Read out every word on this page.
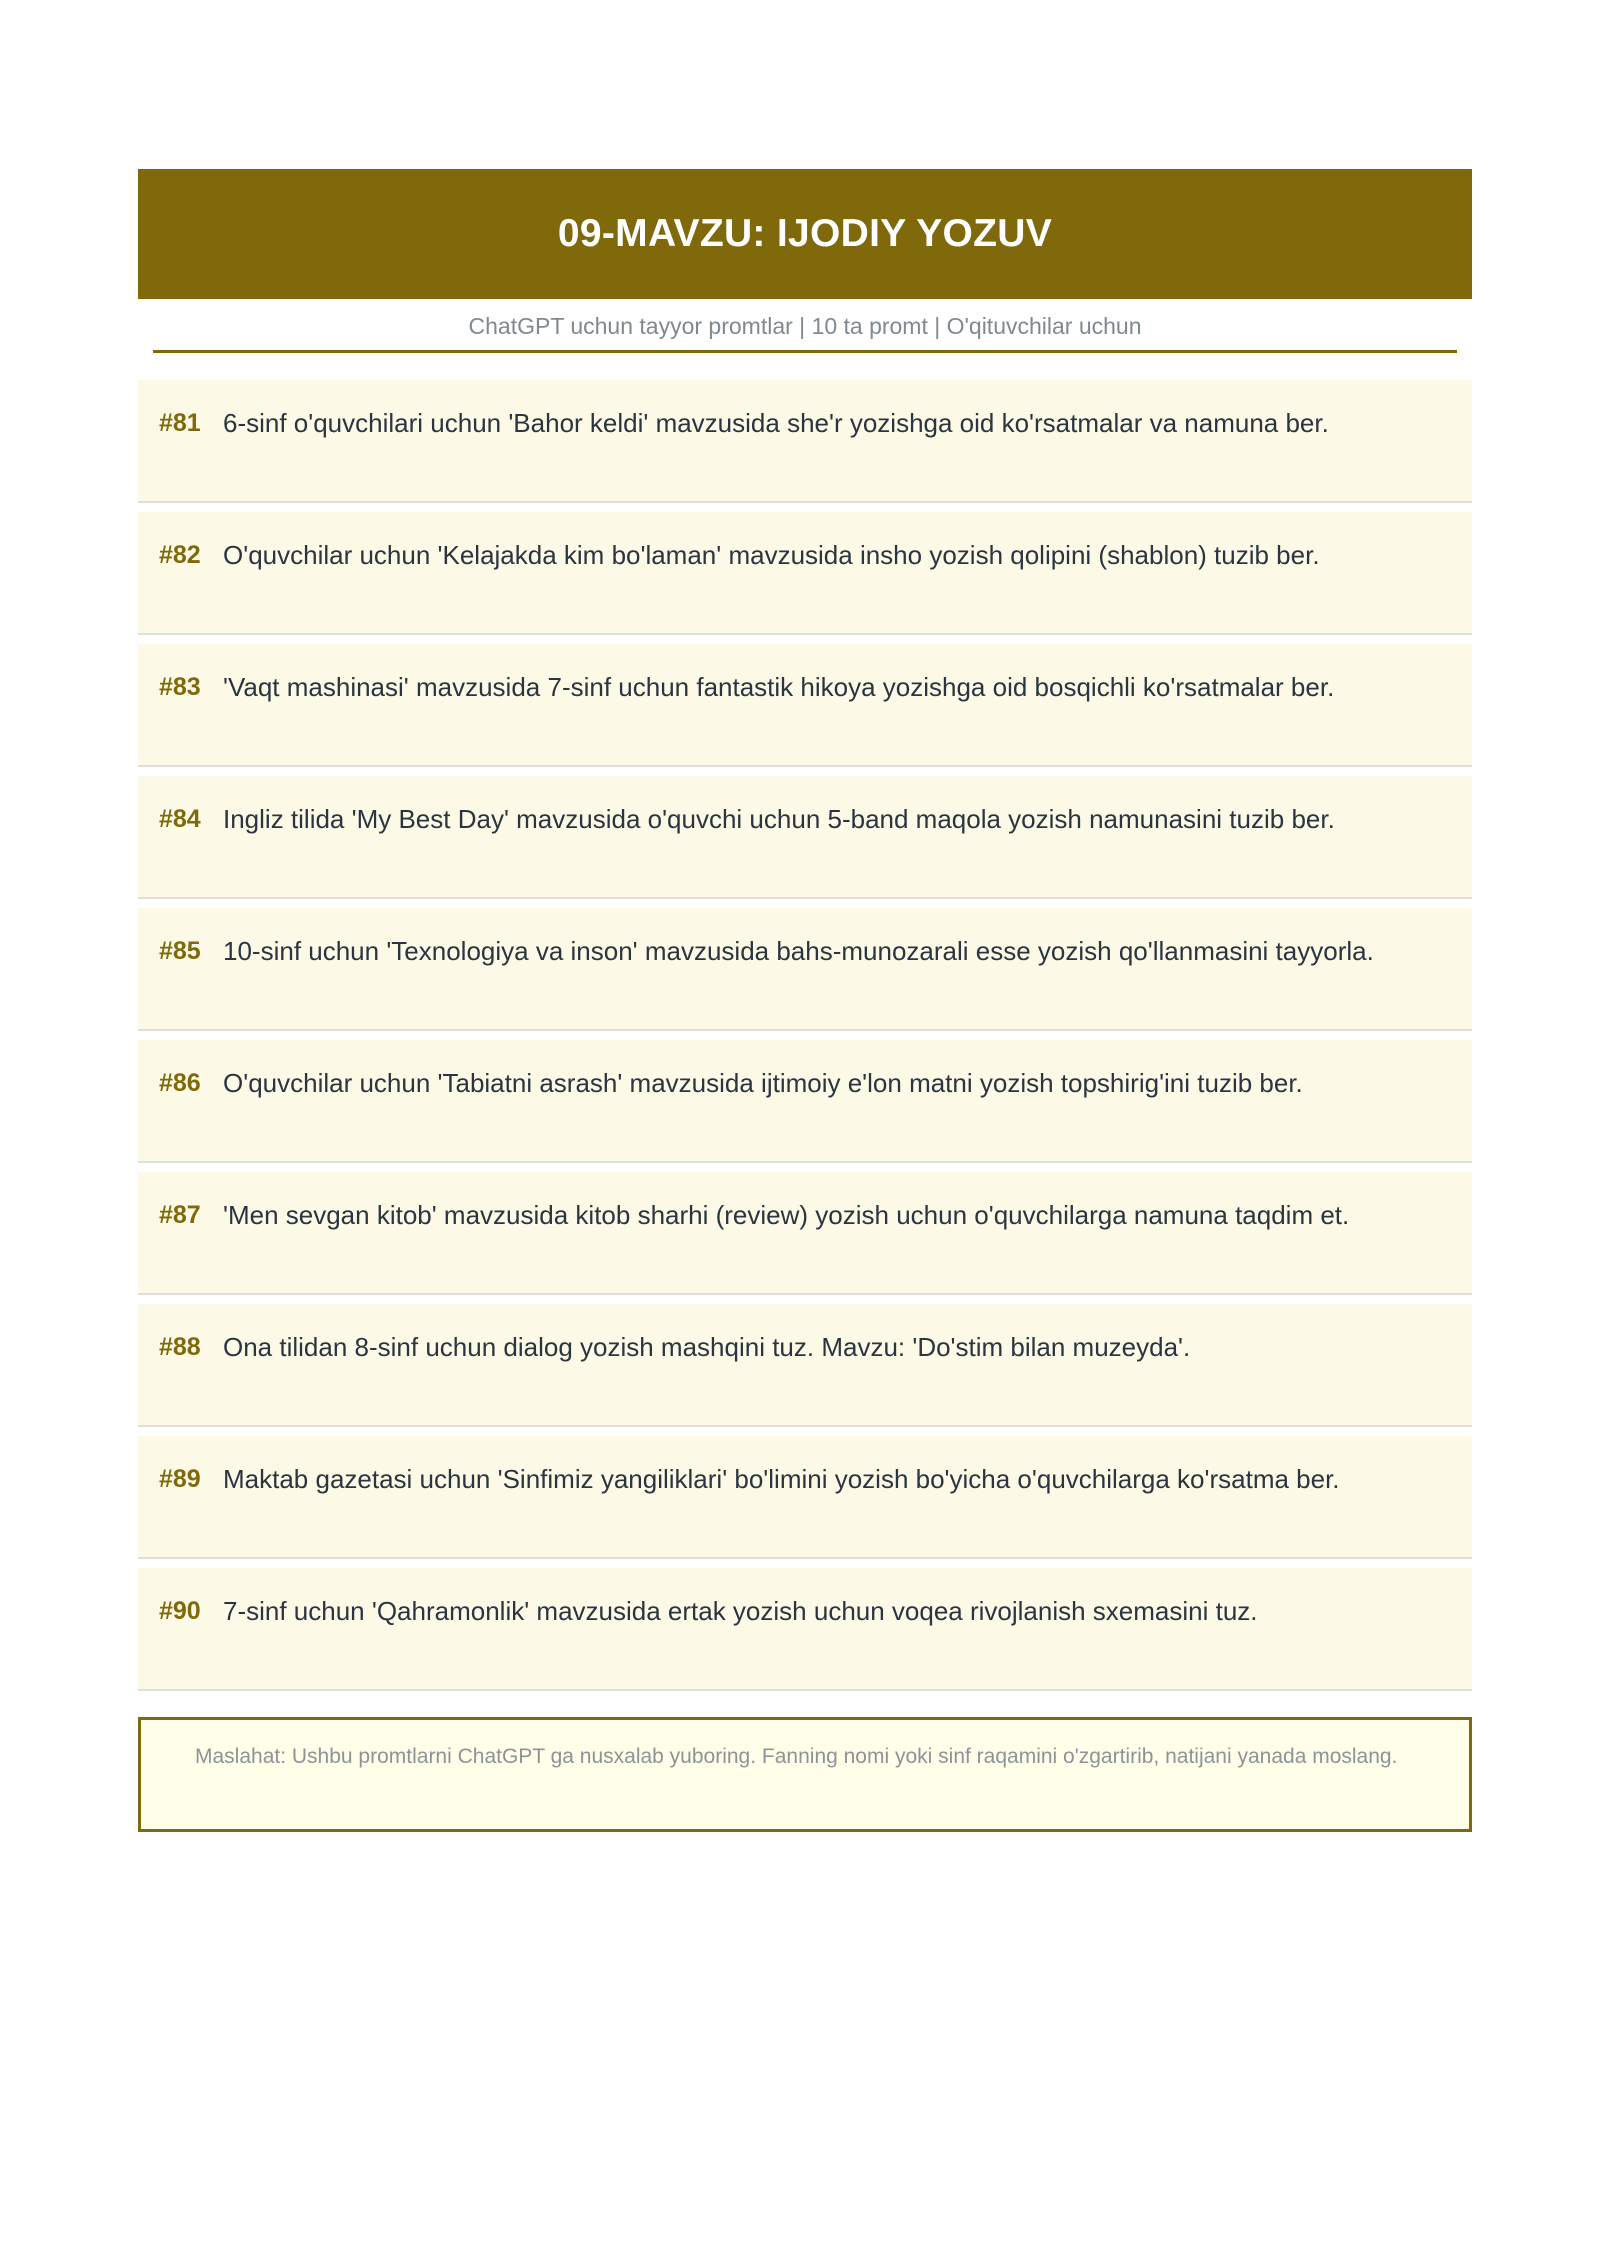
09-MAVZU: IJODIY YOZUV
ChatGPT uchun tayyor promtlar | 10 ta promt | O'qituvchilar uchun
#81 6-sinf o'quvchilari uchun 'Bahor keldi' mavzusida she'r yozishga oid ko'rsatmalar va namuna ber.
#82 O'quvchilar uchun 'Kelajakda kim bo'laman' mavzusida insho yozish qolipini (shablon) tuzib ber.
#83 'Vaqt mashinasi' mavzusida 7-sinf uchun fantastik hikoya yozishga oid bosqichli ko'rsatmalar ber.
#84 Ingliz tilida 'My Best Day' mavzusida o'quvchi uchun 5-band maqola yozish namunasini tuzib ber.
#85 10-sinf uchun 'Texnologiya va inson' mavzusida bahs-munozarali esse yozish qo'llanmasini tayyorla.
#86 O'quvchilar uchun 'Tabiatni asrash' mavzusida ijtimoiy e'lon matni yozish topshirig'ini tuzib ber.
#87 'Men sevgan kitob' mavzusida kitob sharhi (review) yozish uchun o'quvchilarga namuna taqdim et.
#88 Ona tilidan 8-sinf uchun dialog yozish mashqini tuz. Mavzu: 'Do'stim bilan muzeyda'.
#89 Maktab gazetasi uchun 'Sinfimiz yangiliklari' bo'limini yozish bo'yicha o'quvchilarga ko'rsatma ber.
#90 7-sinf uchun 'Qahramonlik' mavzusida ertak yozish uchun voqea rivojlanish sxemasini tuz.
Maslahat: Ushbu promtlarni ChatGPT ga nusxalab yuboring. Fanning nomi yoki sinf raqamini o'zgartirib, natijani yanada moslang.
